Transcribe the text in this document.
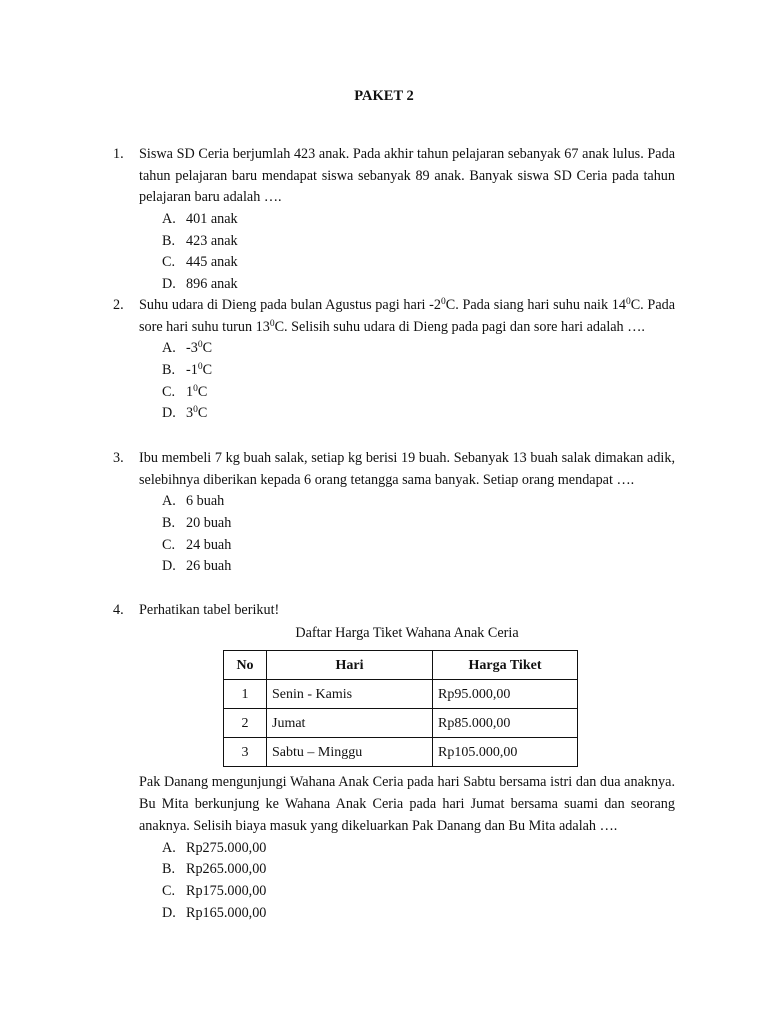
PAKET 2
1. Siswa SD Ceria berjumlah 423 anak. Pada akhir tahun pelajaran sebanyak 67 anak lulus. Pada tahun pelajaran baru mendapat siswa sebanyak 89 anak. Banyak siswa SD Ceria pada tahun pelajaran baru adalah ….
A. 401 anak
B. 423 anak
C. 445 anak
D. 896 anak
2. Suhu udara di Dieng pada bulan Agustus pagi hari $-2^0C$. Pada siang hari suhu naik $14^0C$. Pada sore hari suhu turun $13^0C$. Selisih suhu udara di Dieng pada pagi dan sore hari adalah ….
A. $-3^0C$
B. $-1^0C$
C. $1^0C$
D. $3^0C$
3. Ibu membeli 7 kg buah salak, setiap kg berisi 19 buah. Sebanyak 13 buah salak dimakan adik, selebihnya diberikan kepada 6 orang tetangga sama banyak. Setiap orang mendapat ….
A. 6 buah
B. 20 buah
C. 24 buah
D. 26 buah
4. Perhatikan tabel berikut!
Daftar Harga Tiket Wahana Anak Ceria
No	Hari	Harga Tiket
1	Senin - Kamis	Rp95.000,00
2	Jumat	Rp85.000,00
3	Sabtu – Minggu	Rp105.000,00
Pak Danang mengunjungi Wahana Anak Ceria pada hari Sabtu bersama istri dan dua anaknya. Bu Mita berkunjung ke Wahana Anak Ceria pada hari Jumat bersama suami dan seorang anaknya. Selisih biaya masuk yang dikeluarkan Pak Danang dan Bu Mita adalah ….
A. Rp275.000,00
B. Rp265.000,00
C. Rp175.000,00
D. Rp165.000,00
